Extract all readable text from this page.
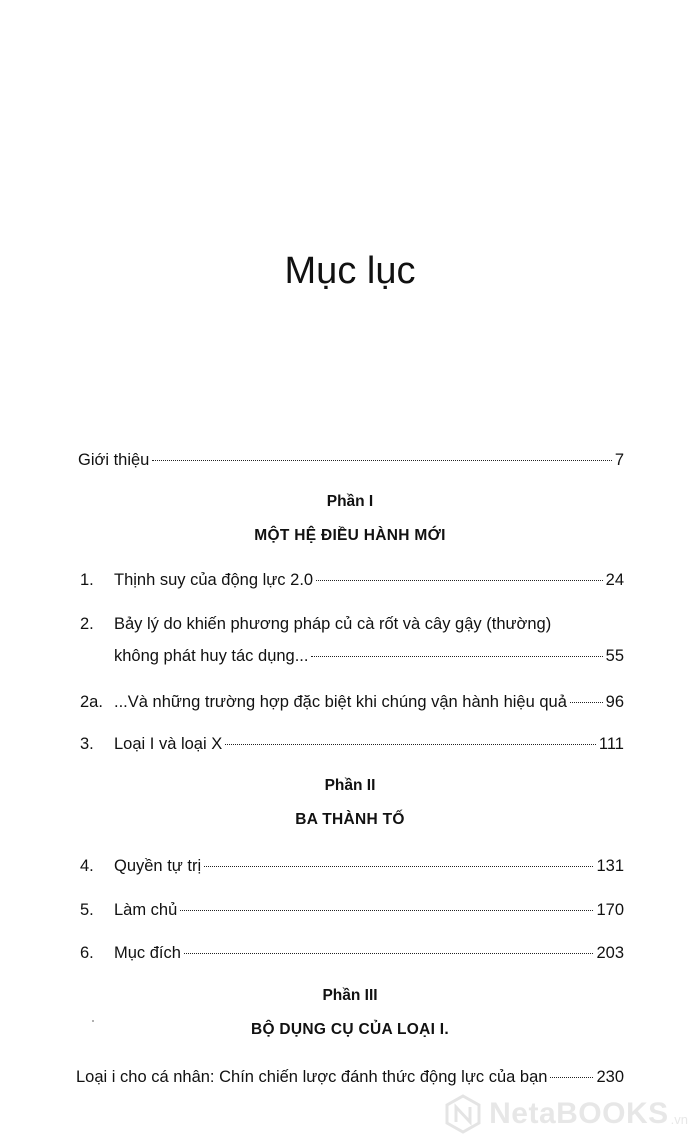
Mục lục
Giới thiệu	7
Phần I
MỘT HỆ ĐIỀU HÀNH MỚI
1.	Thịnh suy của động lực 2.0	24
2. Bảy lý do khiến phương pháp củ cà rốt và cây gậy (thường)
không phát huy tác dụng...	55
2a. ...Và những trường hợp đặc biệt khi chúng vận hành hiệu quả 96
3.	Loại I và loại X	111
Phần II
BA THÀNH TỐ
4.	Quyền tự trị	131
5.	Làm chủ	170
6.	Mục đích	203
Phần III
BỘ DỤNG CỤ CỦA LOẠI I.
Loại i cho cá nhân: Chín chiến lược đánh thức động lực của bạn	230
NetaBOOKS .vn
